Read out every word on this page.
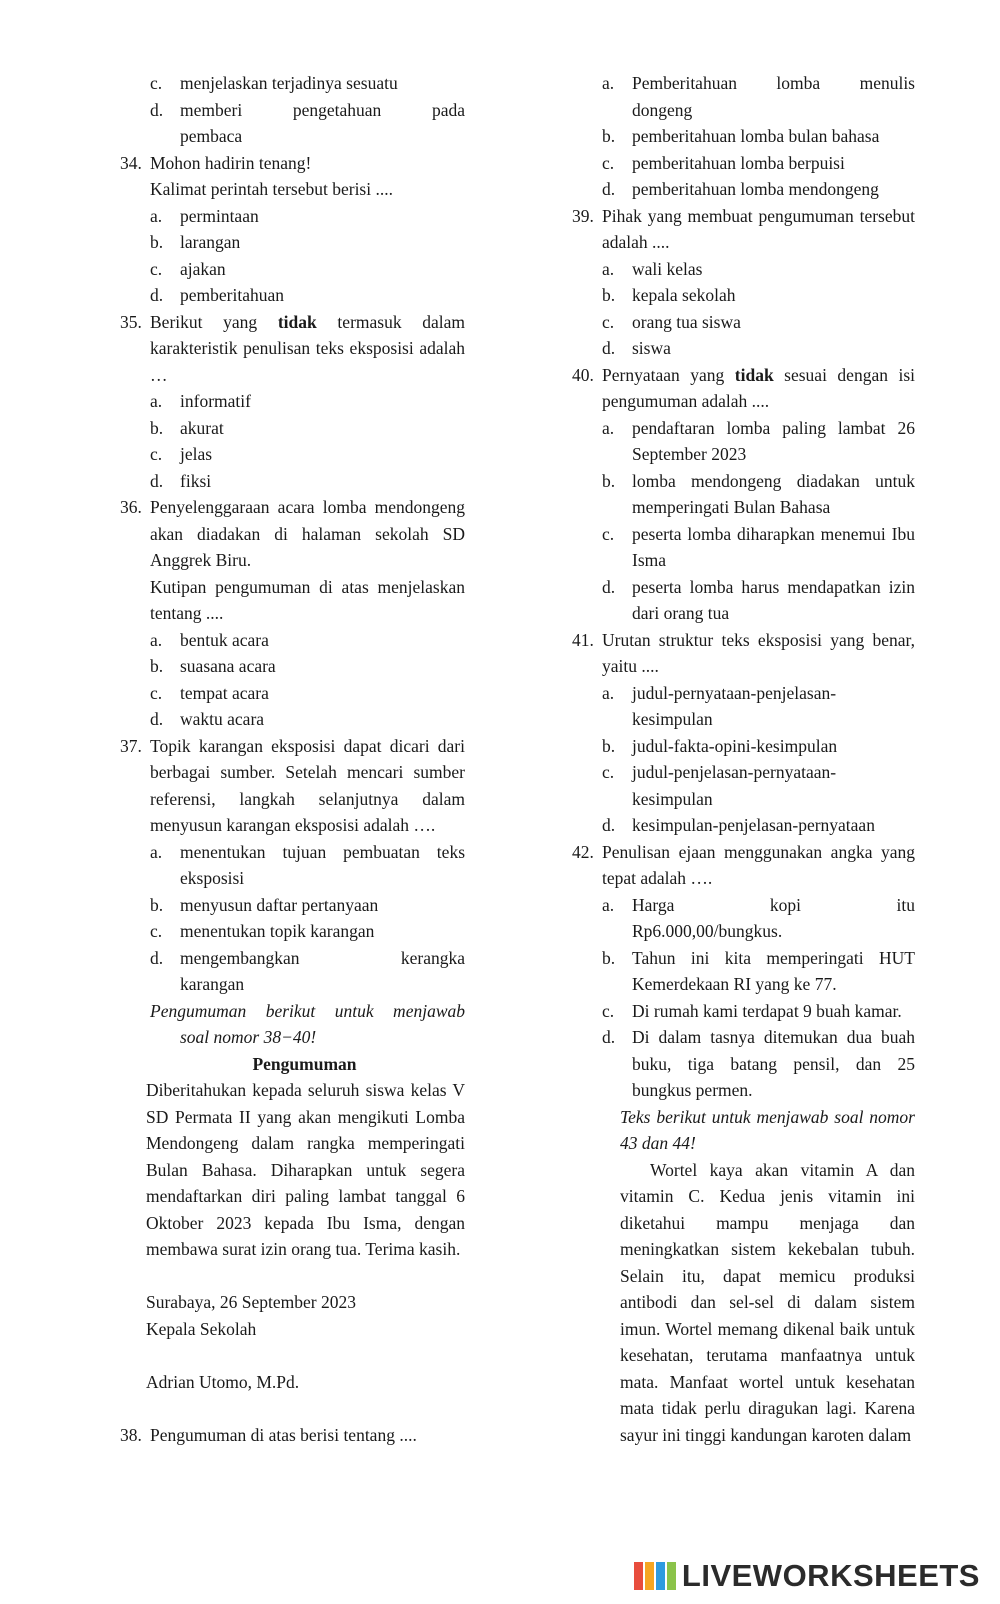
c.	menjelaskan terjadinya sesuatu
d. memberi pengetahuan pada
pembaca
34. Mohon hadirin tenang!
Kalimat perintah tersebut berisi ....
a.	permintaan
b. larangan
c.	ajakan
d. pemberitahuan
35. Berikut yang tidak termasuk dalam karakteristik penulisan teks eksposisi adalah …
a.	informatif
b. akurat
c.	jelas
d. fiksi
36. Penyelenggaraan acara lomba mendongeng akan diadakan di halaman sekolah SD Anggrek Biru.
Kutipan pengumuman di atas menjelaskan tentang ....
a.	bentuk acara
b. suasana acara
c.	tempat acara
d. waktu acara
37. Topik karangan eksposisi dapat dicari dari berbagai sumber. Setelah mencari sumber referensi, langkah selanjutnya dalam menyusun karangan eksposisi adalah ….
a.	menentukan tujuan pembuatan teks eksposisi
b. menyusun daftar pertanyaan
c.	menentukan topik karangan
d. mengembangkan kerangka
karangan
Pengumuman berikut untuk menjawab
soal nomor 38−40!
Pengumuman

Diberitahukan kepada seluruh siswa kelas V SD Permata II yang akan mengikuti Lomba Mendongeng dalam rangka memperingati Bulan Bahasa. Diharapkan untuk segera mendaftarkan diri paling lambat tanggal 6 Oktober 2023 kepada Ibu Isma, dengan membawa surat izin orang tua. Terima kasih.

Surabaya, 26 September 2023

Kepala Sekolah

Adrian Utomo, M.Pd.

38. Pengumuman di atas berisi tentang ....
a.	Pemberitahuan lomba menulis
dongeng
b. pemberitahuan lomba bulan bahasa
c.	pemberitahuan lomba berpuisi
d. pemberitahuan lomba mendongeng
39. Pihak yang membuat pengumuman tersebut adalah ....
a.	wali kelas
b. kepala sekolah
c.	orang tua siswa
d. siswa
40. Pernyataan yang tidak sesuai dengan isi pengumuman adalah ....
a.	pendaftaran lomba paling lambat 26 September 2023
b. lomba mendongeng diadakan untuk memperingati Bulan Bahasa
c.	peserta lomba diharapkan menemui Ibu Isma
d. peserta lomba harus mendapatkan izin dari orang tua
41. Urutan struktur teks eksposisi yang benar, yaitu ....
a.	judul-pernyataan-penjelasan-
kesimpulan
b. judul-fakta-opini-kesimpulan
c.	judul-penjelasan-pernyataan-
kesimpulan
d. kesimpulan-penjelasan-pernyataan
42. Penulisan ejaan menggunakan angka yang tepat adalah ….
a.	Harga kopi itu
Rp6.000,00/bungkus.
b. Tahun ini kita memperingati HUT Kemerdekaan RI yang ke 77.
c.	Di rumah kami terdapat 9 buah kamar.
d. Di dalam tasnya ditemukan dua buah buku, tiga batang pensil, dan 25 bungkus permen.
Teks berikut untuk menjawab soal nomor 43 dan 44!
Wortel kaya akan vitamin A dan vitamin C. Kedua jenis vitamin ini diketahui mampu menjaga dan meningkatkan sistem kekebalan tubuh. Selain itu, dapat memicu produksi antibodi dan sel-sel di dalam sistem imun. Wortel memang dikenal baik untuk kesehatan, terutama manfaatnya untuk mata. Manfaat wortel untuk kesehatan mata tidak perlu diragukan lagi. Karena sayur ini tinggi kandungan karoten dalam
LIVEWORKSHEETS
